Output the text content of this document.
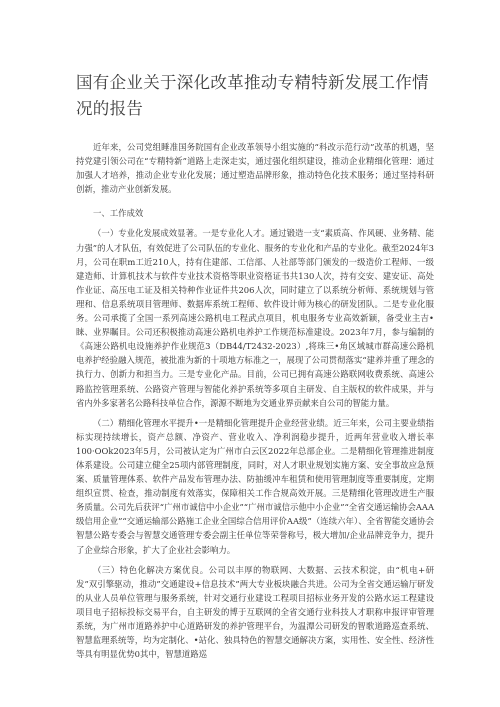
国有企业关于深化改革推动专精特新发展工作情况的报告

近年来，公司党组睡准国务院国有企业改革领导小组实施的“科改示范行动”改革的机遇，坚持党建引领公司在“专精特新”道路上走深走实，通过强化组织建设，推动企业精细化管理：通过加强人才培养，推动企业专业化发展；通过塑造品牌形象，推动特色化技术服务；通过坚持科研创新，推动产业创新发展。

一、工作成效

（一）专业化发展成效显著。一是专业化人才。通过锻造一支“素质高、作风硬、业务精、能力强”的人才队伍，有效促进了公司队伍的专业化、服务的专业化和产品的专业化。截至2024年3月，公司在职m工近210人，持有住建部、工信部、人社部等部门颁发的一级造价工程师、一级建造师、计算机技术与软件专业技术资格等职业资格证书共130人次，持有交安、建安证、高处作业证、高压电工证及相关特种作业证件共206人次，同时建立了以系统分析师、系统规划与管理和、信息系统项目管理师、数据库系统工程师、软件设计师为核心的研发团队。二是专业化服务。公司承揽了全国一系列高速公路机电工程武点项目，机电服务专业高效新颖，备受业主吉•睐、业界瞩目。公司还积极推动高速公路机电养护工作规范标准建设。2023年7月，参与编制的《高速公路机电设施养护作业规范3（DB44/T2432-2023）,将珠三•角区域城市群高速公路机电养护经验融入规范，被批准为新的十项地方标准之一，展现了公司贯彻落实“建养并重了理念的执行力、创新力和担当力。三是专业化产品。目前，公司已拥有高速公路联网收费系统、高速公路监控管理系统、公路资产管理与智能化养护系统等多项自主研发、自主版权的软件成果，并与省内外多家著名公路科技单位合作，源源不断地为交通业界贡献来自公司的智能力量。

（二）精细化管理水平提升•一是精细化管理提升企业经营业绩。近三年来，公司主要业绩指标实现持续增长，资产总额、净资产、营业收入、净利润稳步提升，近两年营业收入增长率100·OOk2023年5月，公司被认定为广州市白云区2022年总部企业。二是精细化管理推进制度体系建设。公司建立健全25项内部管理制度，同时，对人才职业规划实施方案、安全事故应急预案、质量管理体系、软件产品发布管理办法、防抽缓冲车租赁和使用管理制度等重要制度，定期组织宣贯、检查，推动制度有效落实，保障相关工作合规高效开展。三是精细化管理改进生产服务质量。公司先后获评“广州市诚信中小企业”“广州市诚信示他中小企业”“全省交通运输协会AAA级信用企业”“交通运输部公路施工企业全国综合信用评价AA级”（连续六年）、全省智能交通协会智慧公路专委会与智慧交通管理专委会副主任单位等荣誉称号，极大增加/企业品牌竞争力，提升了企业综合形象，扩大了企业社会影响力。

（三）特色化解决方案优良。公司以丰厚的物联网、大数据、云技术积淀，由“机电+研发”双引擎驱动，推动”交通建设+信息技术”两大专业板块融合共进。公司为全省交通运输厅研发的从业人员单位管理与服务系统，针对交通行业建设工程项目招标业务开发的公路水运工程建设项目电子招标投标交易平台，自主研发的博于互联网的全省交通行业科技人才职称申报评审管理系统，为广州市道路养护中心道路研发的养护管理平台，为温潭公司研发的智歌道路巡查系统、智慧监理系统等，均为定制化、•站化、独具特色的智慧交通解决方案，实用性、安全性、经济性等具有明显优势0其中，智慧道路巡
